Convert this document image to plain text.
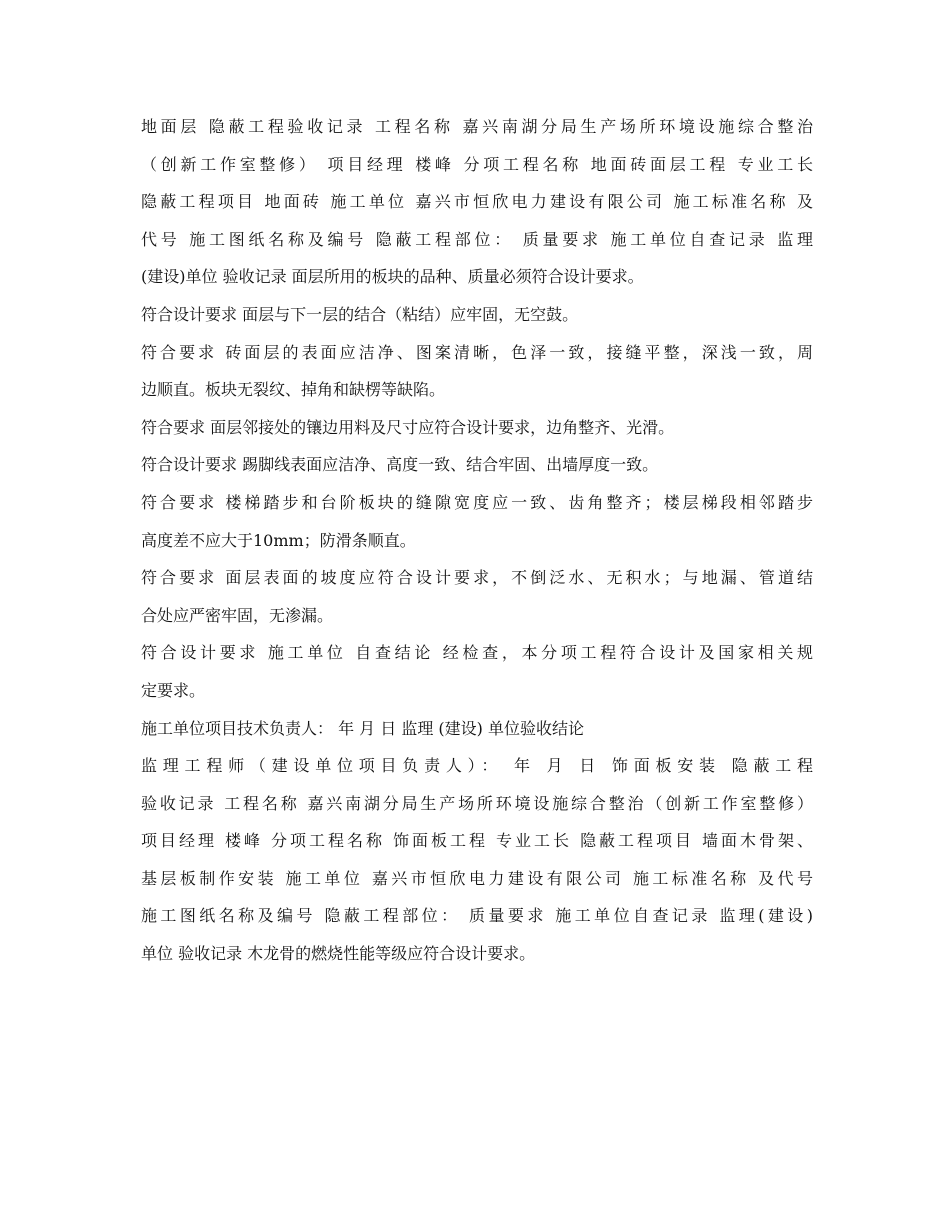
地面层 隐蔽工程验收记录 工程名称 嘉兴南湖分局生产场所环境设施综合整治
（创新工作室整修） 项目经理 楼峰 分项工程名称 地面砖面层工程 专业工长
隐蔽工程项目 地面砖 施工单位 嘉兴市恒欣电力建设有限公司 施工标准名称 及
代号 施工图纸名称及编号 隐蔽工程部位： 质量要求 施工单位自查记录 监理
(建设)单位 验收记录 面层所用的板块的品种、质量必须符合设计要求。
符合设计要求 面层与下一层的结合（粘结）应牢固，无空鼓。
符合要求 砖面层的表面应洁净、图案清晰，色泽一致，接缝平整，深浅一致，周
边顺直。板块无裂纹、掉角和缺楞等缺陷。
符合要求 面层邻接处的镶边用料及尺寸应符合设计要求，边角整齐、光滑。
符合设计要求 踢脚线表面应洁净、高度一致、结合牢固、出墙厚度一致。
符合要求 楼梯踏步和台阶板块的缝隙宽度应一致、齿角整齐；楼层梯段相邻踏步
高度差不应大于10mm；防滑条顺直。
符合要求 面层表面的坡度应符合设计要求，不倒泛水、无积水；与地漏、管道结
合处应严密牢固，无渗漏。
符合设计要求 施工单位 自查结论 经检查，本分项工程符合设计及国家相关规
定要求。
施工单位项目技术负责人： 年 月 日 监理 (建设) 单位验收结论
监理工程师（建设单位项目负责人）： 年 月 日 饰面板安装 隐蔽工程
验收记录 工程名称 嘉兴南湖分局生产场所环境设施综合整治（创新工作室整修）
项目经理 楼峰 分项工程名称 饰面板工程 专业工长 隐蔽工程项目 墙面木骨架、
基层板制作安装 施工单位 嘉兴市恒欣电力建设有限公司 施工标准名称 及代号
施工图纸名称及编号 隐蔽工程部位： 质量要求 施工单位自查记录 监理(建设)
单位 验收记录 木龙骨的燃烧性能等级应符合设计要求。
